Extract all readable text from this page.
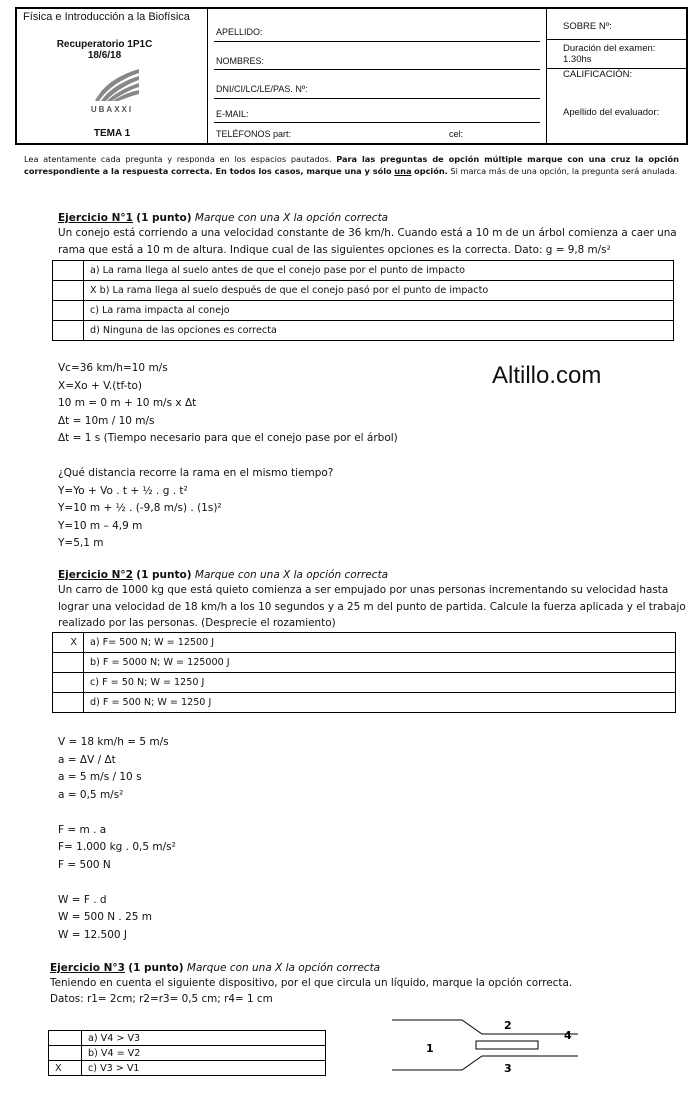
Física e Introducción a la Biofísica
Recuperatorio 1P1C
18/6/18
UBAXXI
TEMA 1
APELLIDO:
NOMBRES:
DNI/CI/LC/LE/PAS. Nº:
E-MAIL:
TELÉFONOS part:	cel:
SOBRE Nº:
Duración del examen: 1.30hs
CALIFICACIÓN:
Apellido del evaluador:
Lea atentamente cada pregunta y responda en los espacios pautados. Para las preguntas de opción múltiple marque con una cruz la opción correspondiente a la respuesta correcta. En todos los casos, marque una y sólo una opción. Si marca más de una opción, la pregunta será anulada.
Ejercicio N°1 (1 punto) Marque con una X la opción correcta
Un conejo está corriendo a una velocidad constante de 36 km/h. Cuando está a 10 m de un árbol comienza a caer una rama que está a 10 m de altura. Indique cual de las siguientes opciones es la correcta. Dato: g = 9,8 m/s²
	a) La rama llega al suelo antes de que el conejo pase por el punto de impacto
	X b) La rama llega al suelo después de que el conejo pasó por el punto de impacto
	c) La rama impacta al conejo
	d) Ninguna de las opciones es correcta
Altillo.com
Vc=36 km/h=10 m/s
X=Xo + V.(tf-to)
10 m = 0 m + 10 m/s x Δt
Δt = 10m / 10 m/s
Δt = 1 s (Tiempo necesario para que el conejo pase por el árbol)

¿Qué distancia recorre la rama en el mismo tiempo?
Y=Yo + Vo . t + ½ . g . t²
Y=10 m + ½ . (-9,8 m/s) . (1s)²
Y=10 m – 4,9 m
Y=5,1 m
Ejercicio N°2 (1 punto) Marque con una X la opción correcta
Un carro de 1000 kg que está quieto comienza a ser empujado por unas personas incrementando su velocidad hasta lograr una velocidad de 18 km/h a los 10 segundos y a 25 m del punto de partida. Calcule la fuerza aplicada y el trabajo realizado por las personas. (Desprecie el rozamiento)
X	a) F= 500 N; W = 12500 J
	b) F = 5000 N; W = 125000 J
	c) F = 50 N; W = 1250 J
	d) F = 500 N; W = 1250 J
V = 18 km/h = 5 m/s
a = ΔV / Δt
a = 5 m/s / 10 s
a = 0,5 m/s²

F = m . a
F= 1.000 kg . 0,5 m/s²
F = 500 N

W = F . d
W = 500 N . 25 m
W = 12.500 J
Ejercicio N°3 (1 punto) Marque con una X la opción correcta
Teniendo en cuenta el siguiente dispositivo, por el que circula un líquido, marque la opción correcta.
Datos: r1= 2cm; r2=r3= 0,5 cm; r4= 1 cm
	a) V4 > V3
	b) V4 = V2
X	c) V3 > V1
1
2
3
4
